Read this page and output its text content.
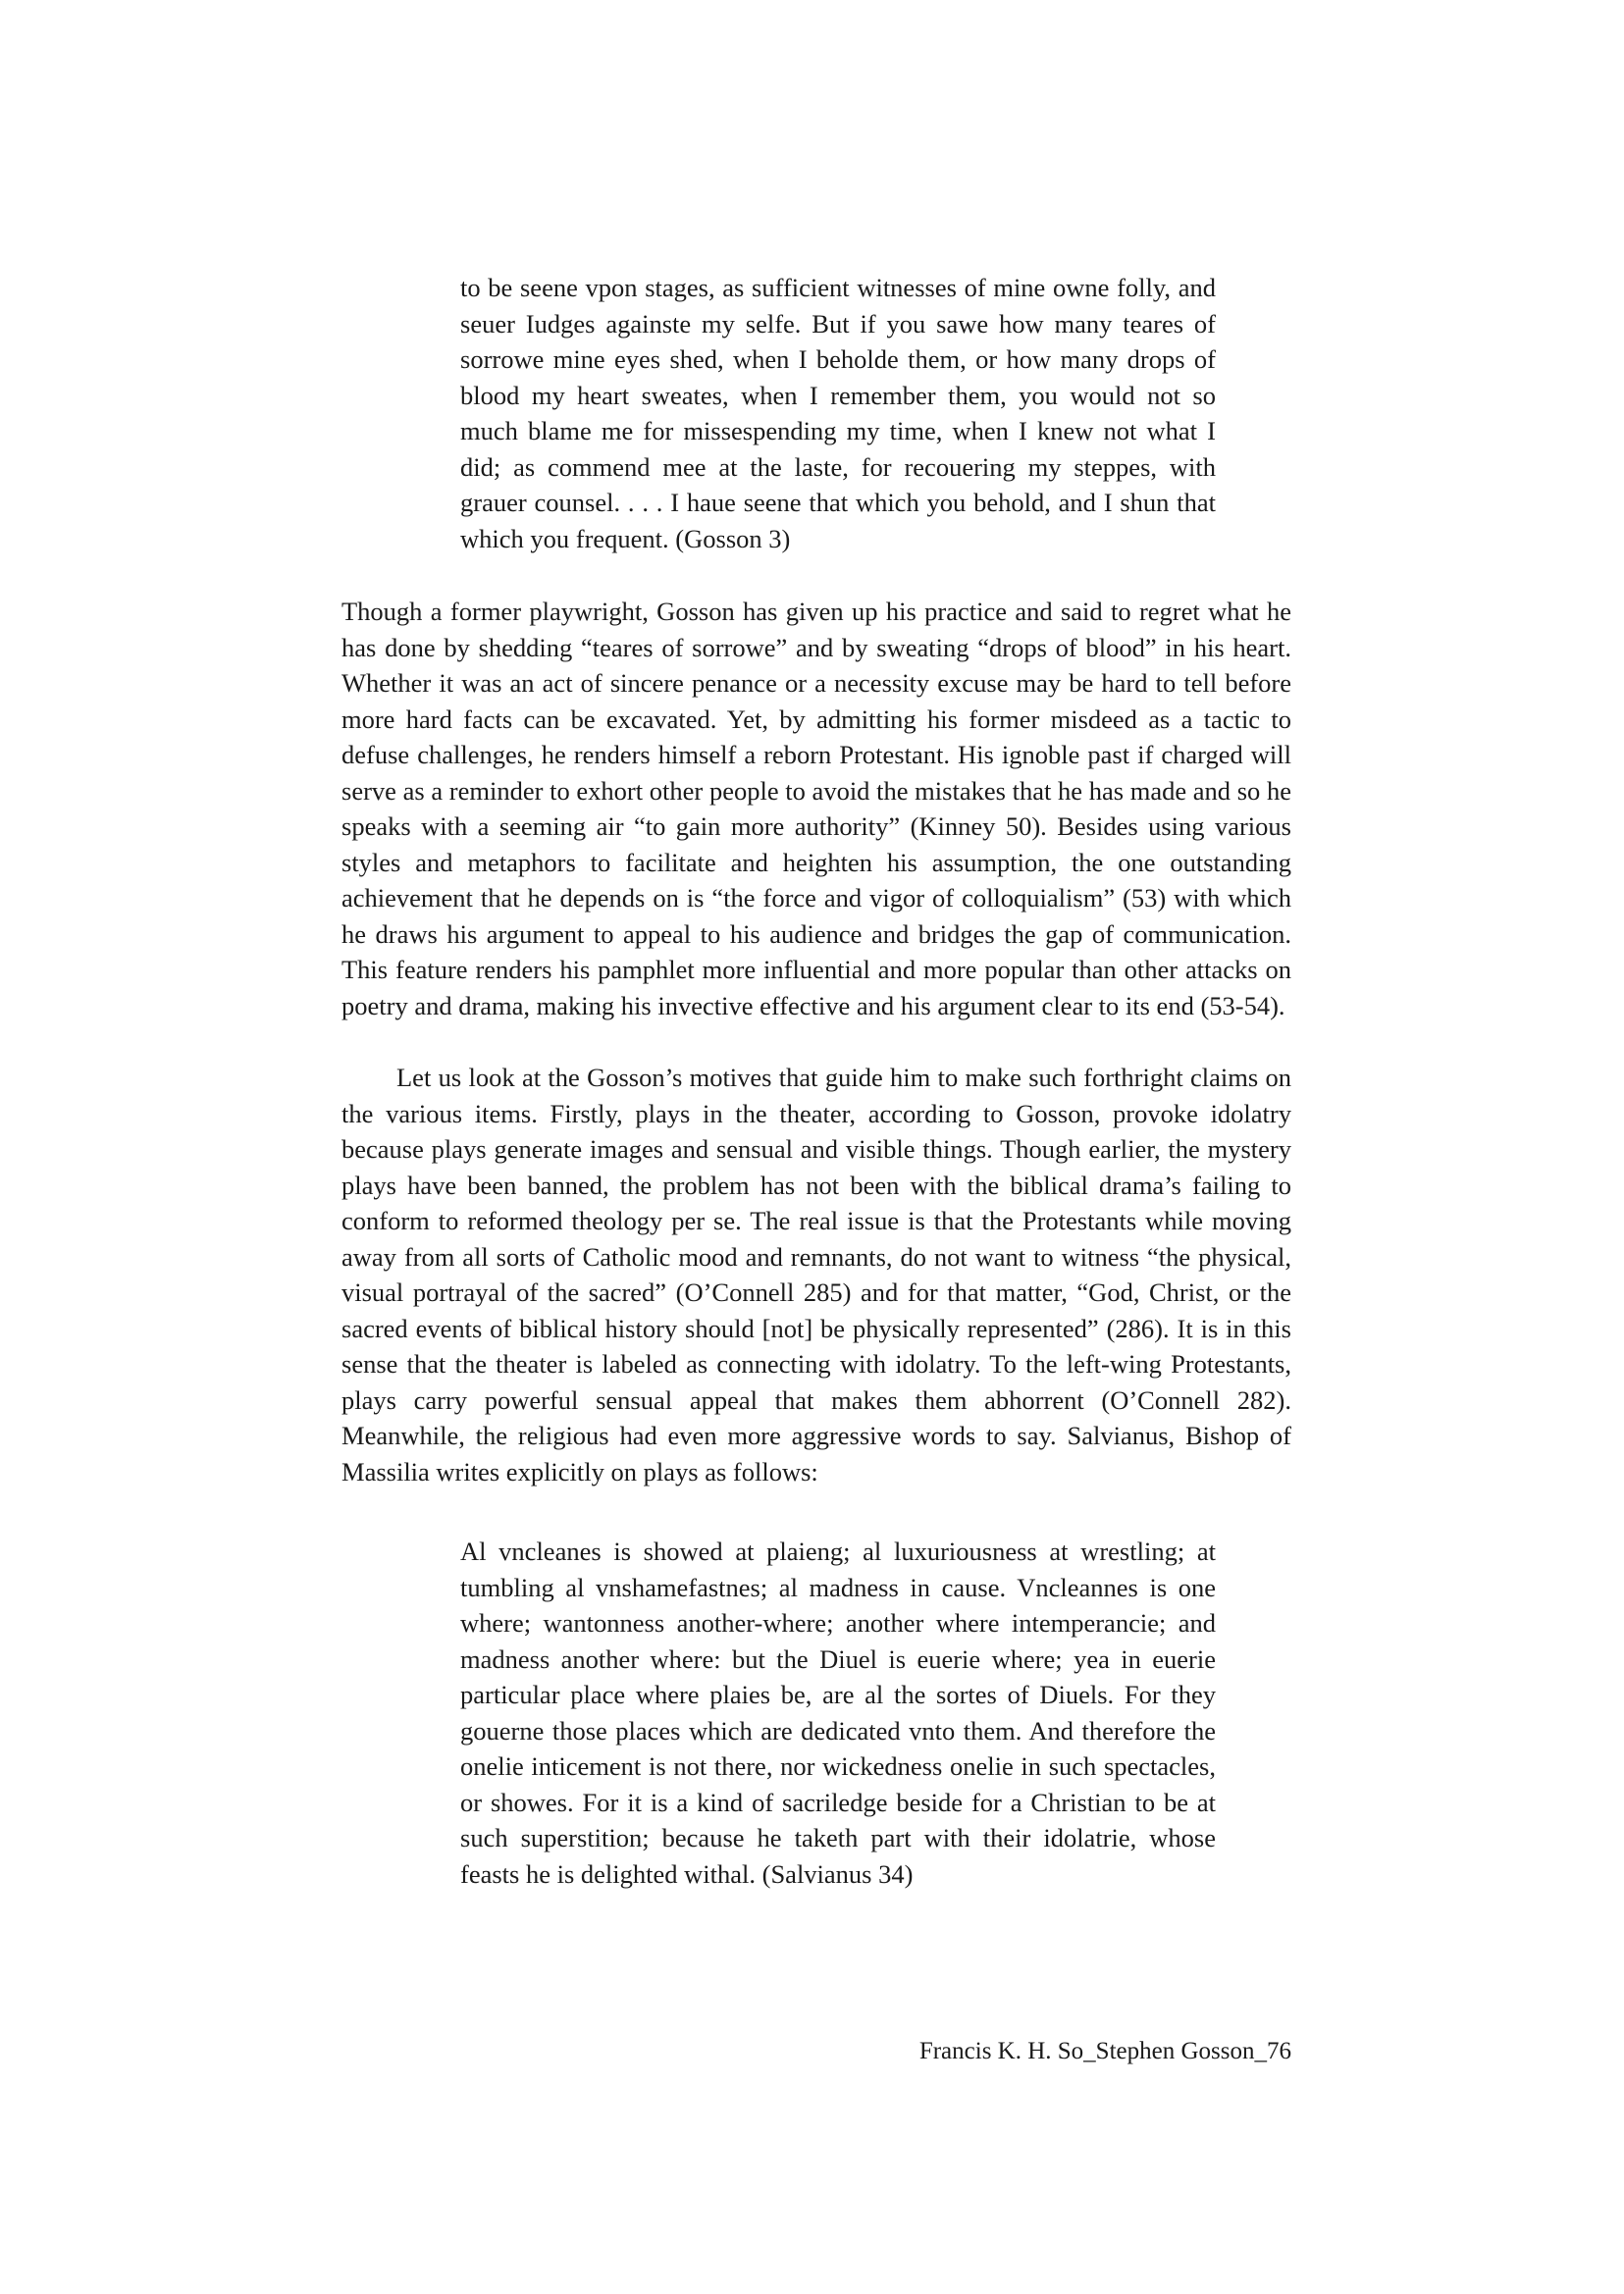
to be seene vpon stages, as sufficient witnesses of mine owne folly, and seuer Iudges againste my selfe. But if you sawe how many teares of sorrowe mine eyes shed, when I beholde them, or how many drops of blood my heart sweates, when I remember them, you would not so much blame me for missespending my time, when I knew not what I did; as commend mee at the laste, for recouering my steppes, with grauer counsel. . . . I haue seene that which you behold, and I shun that which you frequent. (Gosson 3)

Though a former playwright, Gosson has given up his practice and said to regret what he has done by shedding “teares of sorrowe” and by sweating “drops of blood” in his heart. Whether it was an act of sincere penance or a necessity excuse may be hard to tell before more hard facts can be excavated. Yet, by admitting his former misdeed as a tactic to defuse challenges, he renders himself a reborn Protestant. His ignoble past if charged will serve as a reminder to exhort other people to avoid the mistakes that he has made and so he speaks with a seeming air “to gain more authority” (Kinney 50). Besides using various styles and metaphors to facilitate and heighten his assumption, the one outstanding achievement that he depends on is “the force and vigor of colloquialism” (53) with which he draws his argument to appeal to his audience and bridges the gap of communication. This feature renders his pamphlet more influential and more popular than other attacks on poetry and drama, making his invective effective and his argument clear to its end (53-54).

Let us look at the Gosson’s motives that guide him to make such forthright claims on the various items. Firstly, plays in the theater, according to Gosson, provoke idolatry because plays generate images and sensual and visible things. Though earlier, the mystery plays have been banned, the problem has not been with the biblical drama’s failing to conform to reformed theology per se. The real issue is that the Protestants while moving away from all sorts of Catholic mood and remnants, do not want to witness “the physical, visual portrayal of the sacred” (O’Connell 285) and for that matter, “God, Christ, or the sacred events of biblical history should [not] be physically represented” (286). It is in this sense that the theater is labeled as connecting with idolatry. To the left-wing Protestants, plays carry powerful sensual appeal that makes them abhorrent (O’Connell 282). Meanwhile, the religious had even more aggressive words to say. Salvianus, Bishop of Massilia writes explicitly on plays as follows:

Al vncleanes is showed at plaieng; al luxuriousness at wrestling; at tumbling al vnshamefastnes; al madness in cause. Vncleannes is one where; wantonness another-where; another where intemperancie; and madness another where: but the Diuel is euerie where; yea in euerie particular place where plaies be, are al the sortes of Diuels. For they gouerne those places which are dedicated vnto them. And therefore the onelie inticement is not there, nor wickedness onelie in such spectacles, or showes. For it is a kind of sacriledge beside for a Christian to be at such superstition; because he taketh part with their idolatrie, whose feasts he is delighted withal. (Salvianus 34)

Francis K. H. So_Stephen Gosson_76
